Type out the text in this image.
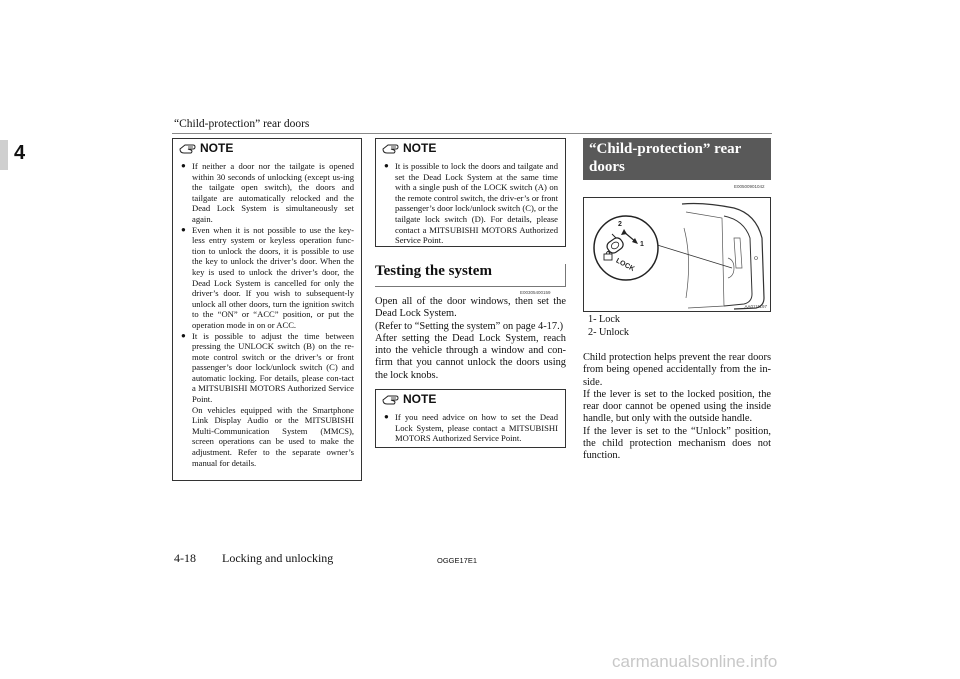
“Child-protection” rear doors
4	NOTE
● If neither a door nor the tailgate is opened within 30 seconds of unlocking (except us-ing the tailgate open switch), the doors and tailgate are automatically relocked and the Dead Lock System is simultaneously set again.
● Even when it is not possible to use the key-less entry system or keyless operation func-tion to unlock the doors, it is possible to use the key to unlock the driver’s door. When the key is used to unlock the driver’s door, the Dead Lock System is cancelled for only the driver’s door. If you wish to subsequent-ly unlock all other doors, turn the ignition switch to the “ON” or “ACC” position, or put the operation mode in on or ACC.
● It is possible to adjust the time between pressing the UNLOCK switch (B) on the re-mote control switch or the driver’s or front passenger’s door lock/unlock switch (C) and automatic locking. For details, please con-tact a MITSUBISHI MOTORS Authorized Service Point.
On vehicles equipped with the Smartphone Link Display Audio or the MITSUBISHI Multi-Communication System (MMCS), screen operations can be used to make the adjustment. Refer to the separate owner’s manual for details.
NOTE
● It is possible to lock the doors and tailgate and set the Dead Lock System at the same time with a single push of the LOCK switch (A) on the remote control switch, the driv-er’s or front passenger’s door lock/unlock switch (C), or the tailgate lock switch (D). For details, please contact a MITSUBISHI MOTORS Authorized Service Point.
Testing the system
E00305400159
Open all of the door windows, then set the Dead Lock System.
(Refer to “Setting the system” on page 4-17.)
After setting the Dead Lock System, reach into the vehicle through a window and con-firm that you cannot unlock the doors using the lock knobs.
NOTE
● If you need advice on how to set the Dead Lock System, please contact a MITSUBISHI MOTORS Authorized Service Point.
“Child-protection” rear doors
E00500901042
LOCK
2
1
AA0111197
1- Lock
2- Unlock
Child protection helps prevent the rear doors from being opened accidentally from the in-side.
If the lever is set to the locked position, the rear door cannot be opened using the inside handle, but only with the outside handle.
If the lever is set to the “Unlock” position, the child protection mechanism does not function.
4-18 Locking and unlocking	OGGE17E1
carmanualsonline.info
